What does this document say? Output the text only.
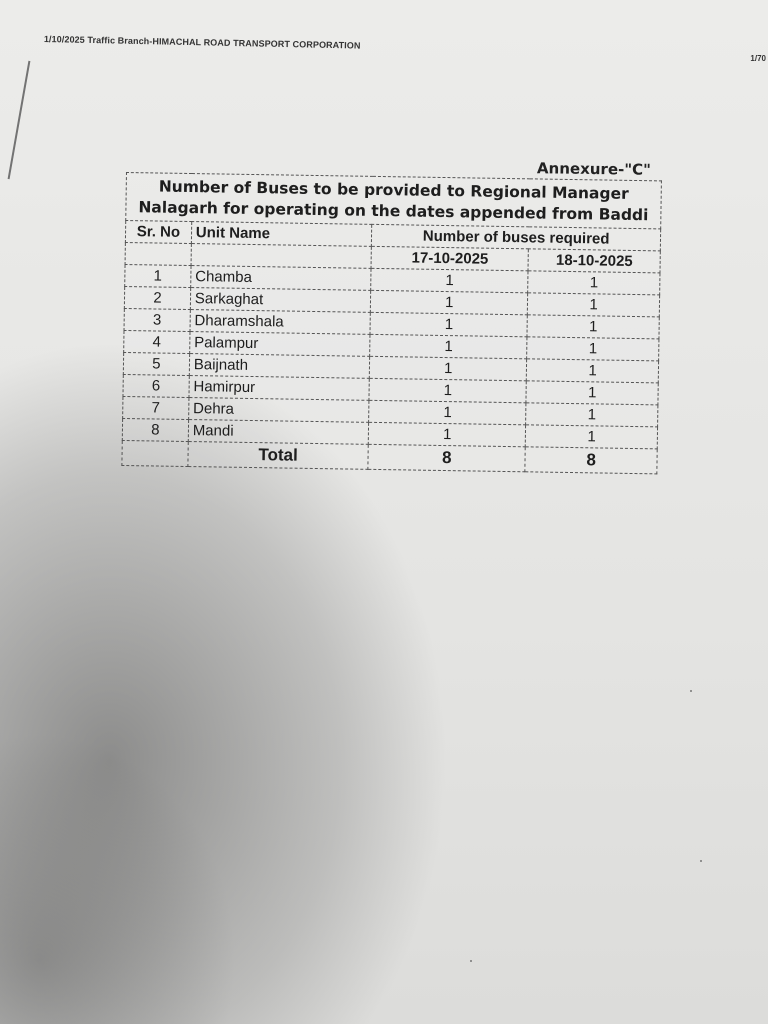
1/10/2025 Traffic Branch-HIMACHAL ROAD TRANSPORT CORPORATION
1/70
Annexure-"C"
Number of Buses to be provided to Regional Manager Nalagarh for operating on the dates appended from Baddi			
Sr. No	Unit Name	Number of buses required	
		17-10-2025	18-10-2025
1	Chamba	1	1
2	Sarkaghat	1	1
3	Dharamshala	1	1
4	Palampur	1	1
5	Baijnath	1	1
6	Hamirpur	1	1
7	Dehra	1	1
8	Mandi	1	1
	Total	8	8
